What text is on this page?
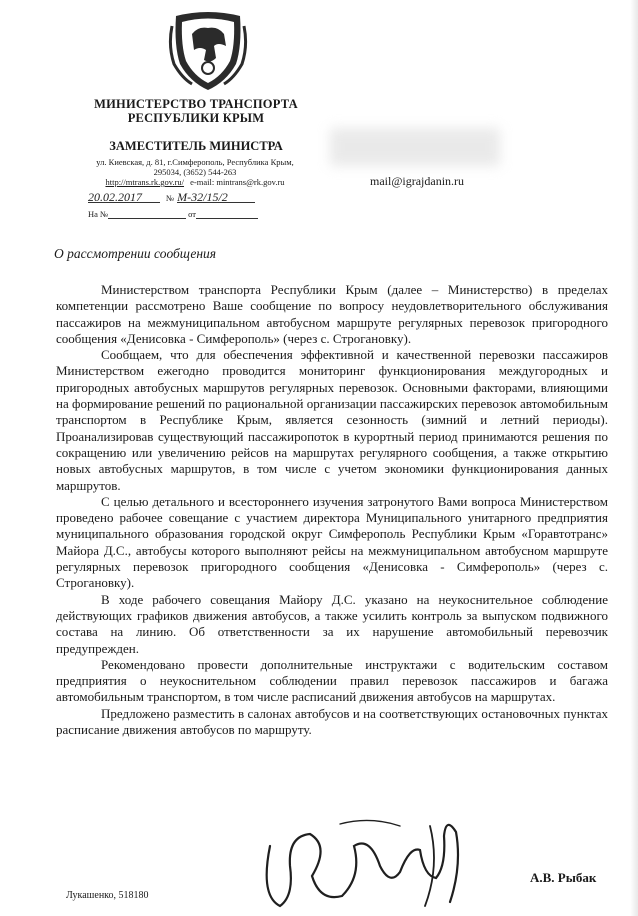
МИНИСТЕРСТВО ТРАНСПОРТА
РЕСПУБЛИКИ КРЫМ
ЗАМЕСТИТЕЛЬ МИНИСТРА
ул. Киевская, д. 81, г.Симферополь, Республика Крым,
295034, (3652) 544-263
http://mtrans.rk.gov.ru/ e-mail: mintrans@rk.gov.ru	mail@igrajdanin.ru
20.02.2017	№ М-32/15/2
На №	от
О рассмотрении сообщения

Министерством транспорта Республики Крым (далее – Министерство) в пределах компетенции рассмотрено Ваше сообщение по вопросу неудовлетворительного обслуживания пассажиров на межмуниципальном автобусном маршруте регулярных перевозок пригородного сообщения «Денисовка - Симферополь» (через с. Строгановку).

Сообщаем, что для обеспечения эффективной и качественной перевозки пассажиров Министерством ежегодно проводится мониторинг функционирования междугородных и пригородных автобусных маршрутов регулярных перевозок. Основными факторами, влияющими на формирование решений по рациональной организации пассажирских перевозок автомобильным транспортом в Республике Крым, является сезонность (зимний и летний периоды). Проанализировав существующий пассажиропоток в курортный период принимаются решения по сокращению или увеличению рейсов на маршрутах регулярного сообщения, а также открытию новых автобусных маршрутов, в том числе с учетом экономики функционирования данных маршрутов.

С целью детального и всестороннего изучения затронутого Вами вопроса Министерством проведено рабочее совещание с участием директора Муниципального унитарного предприятия муниципального образования городской округ Симферополь Республики Крым «Горавтотранс» Майора Д.С., автобусы которого выполняют рейсы на межмуниципальном автобусном маршруте регулярных перевозок пригородного сообщения «Денисовка - Симферополь» (через с. Строгановку).

В ходе рабочего совещания Майору Д.С. указано на неукоснительное соблюдение действующих графиков движения автобусов, а также усилить контроль за выпуском подвижного состава на линию. Об ответственности за их нарушение автомобильный перевозчик предупрежден.

Рекомендовано провести дополнительные инструктажи с водительским составом предприятия о неукоснительном соблюдении правил перевозок пассажиров и багажа автомобильным транспортом, в том числе расписаний движения автобусов на маршрутах.

Предложено разместить в салонах автобусов и на соответствующих остановочных пунктах расписание движения автобусов по маршруту.

А.В. Рыбак
Лукашенко, 518180
